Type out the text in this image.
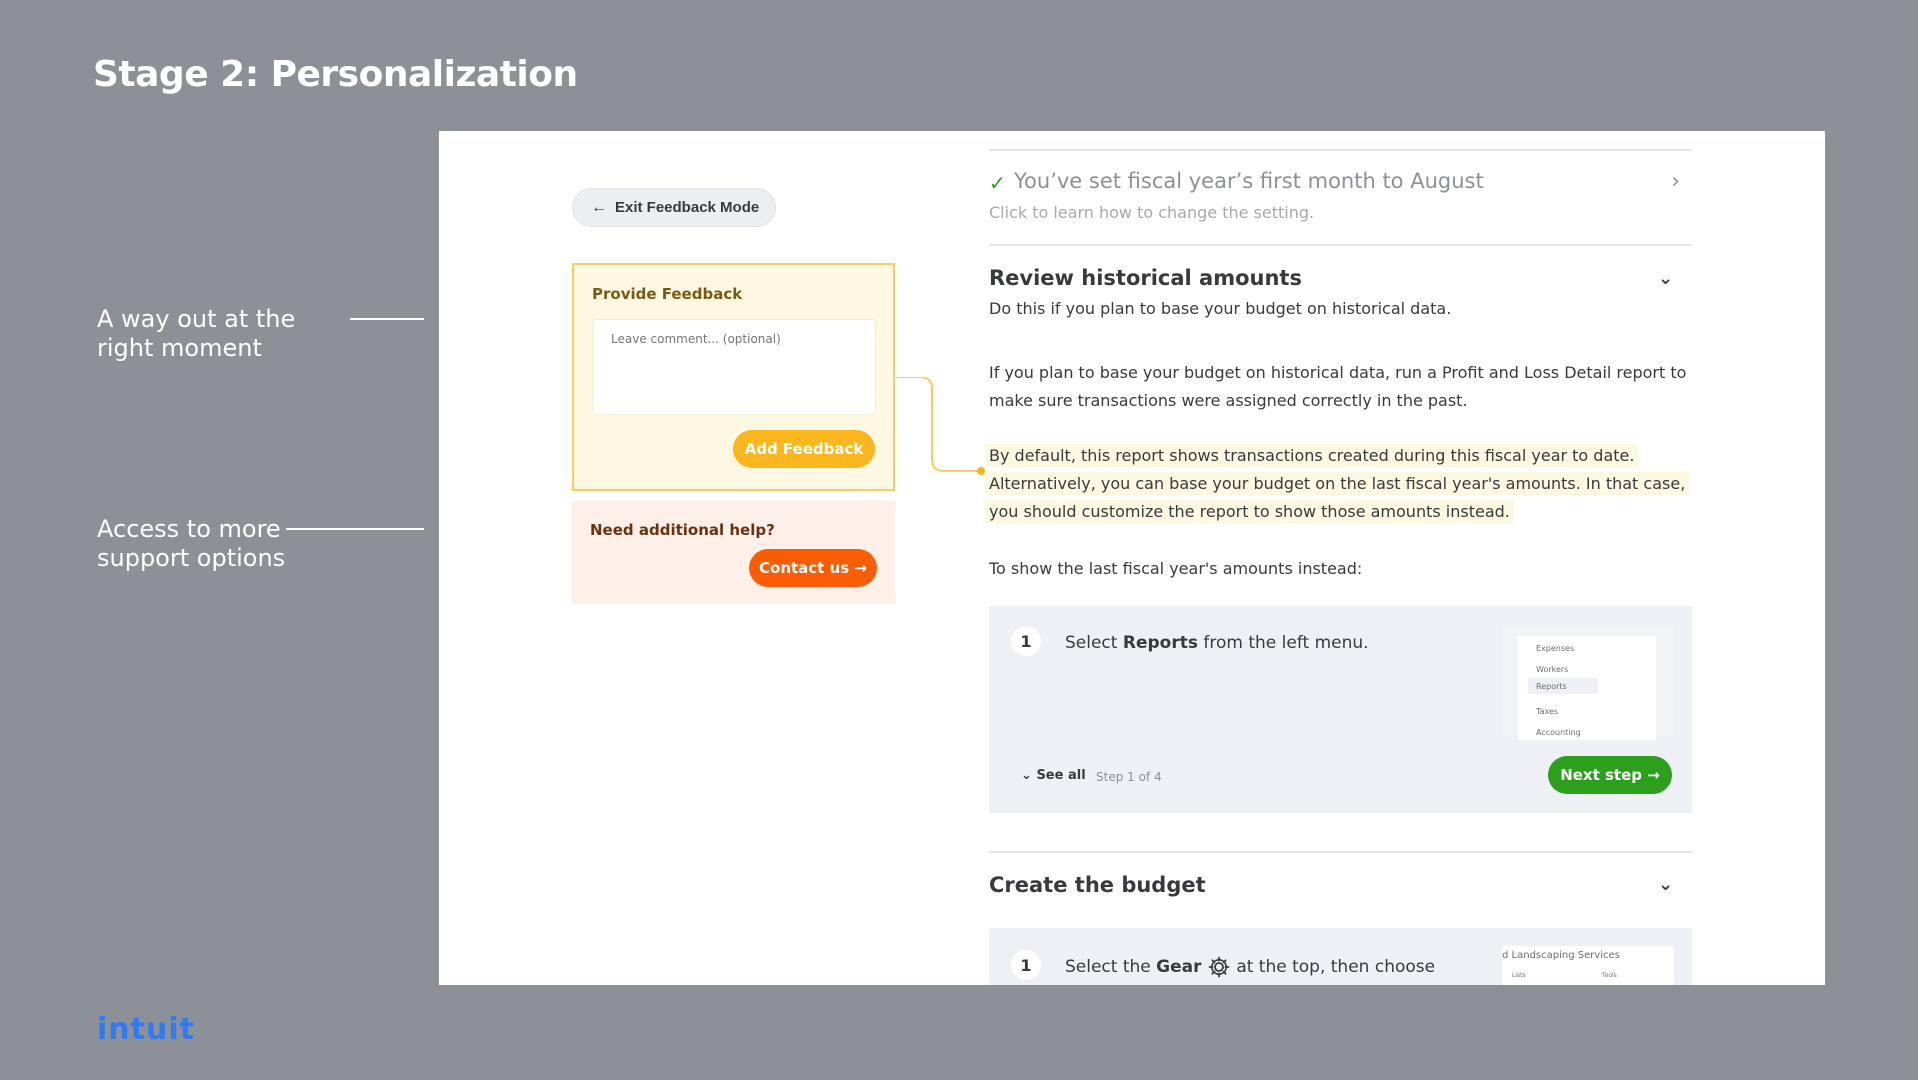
Stage 2: Personalization
A way out at the right moment
Access to more support options
intuit
← Exit Feedback Mode
Provide Feedback
Leave comment... (optional)
Add Feedback
Need additional help?
Contact us →
✓ You’ve set fiscal year’s first month to August
Click to learn how to change the setting.
›
Review historical amounts	⌄
Do this if you plan to base your budget on historical data.
If you plan to base your budget on historical data, run a Profit and Loss Detail report to make sure transactions were assigned correctly in the past.
By default, this report shows transactions created during this fiscal year to date. Alternatively, you can base your budget on the last fiscal year's amounts. In that case, you should customize the report to show those amounts instead.
To show the last fiscal year's amounts instead:
1	Select Reports from the left menu.	Expenses
Workers
Reports
Taxes
Accounting
⌄ See all Step 1 of 4	Next step →
Create the budget	⌄
1	Select the Gear  at the top, then choose
d Landscaping Services
Lists	Tools
